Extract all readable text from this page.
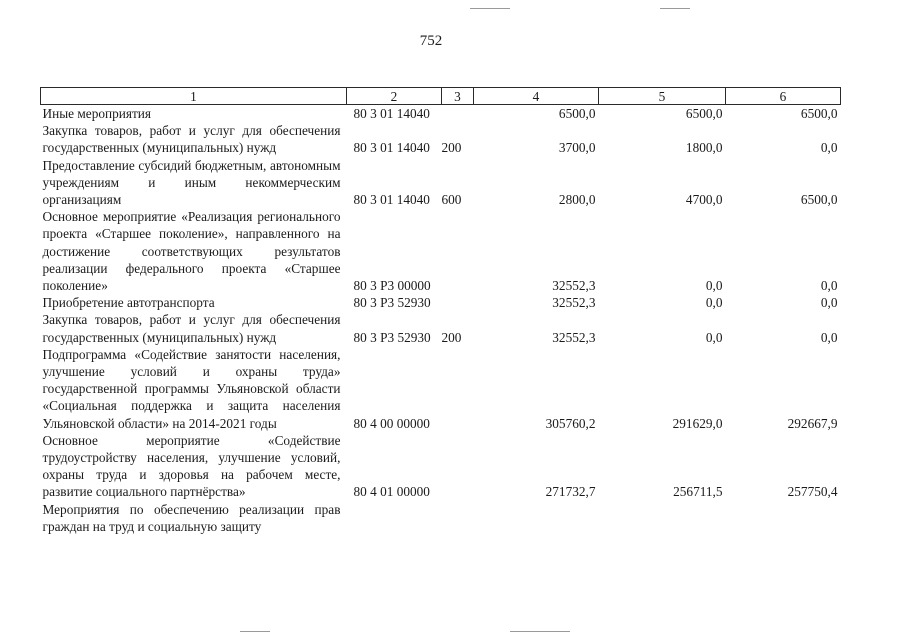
752
1	2	3	4	5	6
Иные мероприятия	80 3 01 14040		6500,0	6500,0	6500,0
Закупка товаров, работ и услуг для обеспечения государственных (муниципальных) нужд	80 3 01 14040	200	3700,0	1800,0	0,0
Предоставление субсидий бюджетным, автономным учреждениям и иным некоммерческим организациям	80 3 01 14040	600	2800,0	4700,0	6500,0
Основное мероприятие «Реализация регионального проекта «Старшее поколение», направленного на достижение соответствующих результатов реализации федерального проекта «Старшее поколение»	80 3 P3 00000		32552,3	0,0	0,0
Приобретение автотранспорта	80 3 P3 52930		32552,3	0,0	0,0
Закупка товаров, работ и услуг для обеспечения государственных (муниципальных) нужд	80 3 P3 52930	200	32552,3	0,0	0,0
Подпрограмма «Содействие занятости населения, улучшение условий и охраны труда» государственной программы Ульяновской области «Социальная поддержка и защита населения Ульяновской области» на 2014-2021 годы	80 4 00 00000		305760,2	291629,0	292667,9
Основное мероприятие «Содействие трудоустройству населения, улучшение условий, охраны труда и здоровья на рабочем месте, развитие социального партнёрства»	80 4 01 00000		271732,7	256711,5	257750,4
Мероприятия по обеспечению реализации прав граждан на труд и социальную защиту					
